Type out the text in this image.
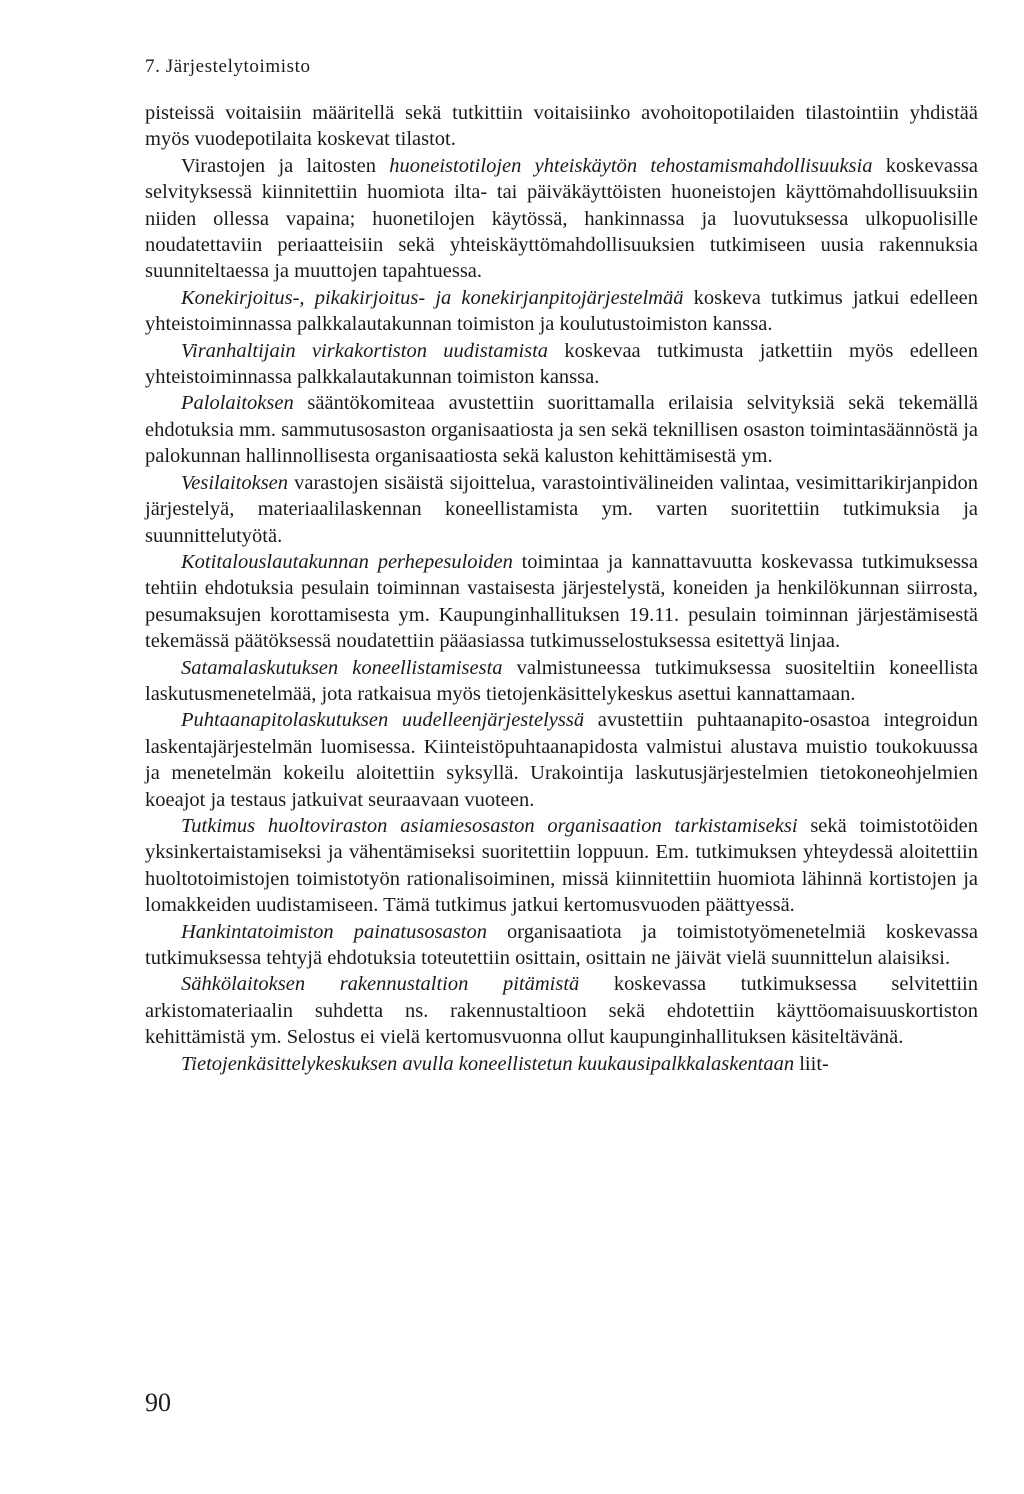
7. Järjestelytoimisto

pisteissä voitaisiin määritellä sekä tutkittiin voitaisiinko avohoitopotilaiden tilastointiin yhdistää myös vuodepotilaita koskevat tilastot.

Virastojen ja laitosten huoneistotilojen yhteiskäytön tehostamismahdollisuuksia koskevassa selvityksessä kiinnitettiin huomiota ilta- tai päiväkäyttöisten huoneistojen käyttömahdollisuuksiin niiden ollessa vapaina; huonetilojen käytössä, hankinnassa ja luovutuksessa ulkopuolisille noudatettaviin periaatteisiin sekä yhteiskäyttömahdollisuuksien tutkimiseen uusia rakennuksia suunniteltaessa ja muuttojen tapahtuessa.

Konekirjoitus-, pikakirjoitus- ja konekirjanpitojärjestelmää koskeva tutkimus jatkui edelleen yhteistoiminnassa palkkalautakunnan toimiston ja koulutustoimiston kanssa.

Viranhaltijain virkakortiston uudistamista koskevaa tutkimusta jatkettiin myös edelleen yhteistoiminnassa palkkalautakunnan toimiston kanssa.

Palolaitoksen sääntökomiteaa avustettiin suorittamalla erilaisia selvityksiä sekä tekemällä ehdotuksia mm. sammutusosaston organisaatiosta ja sen sekä teknillisen osaston toimintasäännöstä ja palokunnan hallinnollisesta organisaatiosta sekä kaluston kehittämisestä ym.

Vesilaitoksen varastojen sisäistä sijoittelua, varastointivälineiden valintaa, vesimittarikirjanpidon järjestelyä, materiaalilaskennan koneellistamista ym. varten suoritettiin tutkimuksia ja suunnittelutyötä.

Kotitalouslautakunnan perhepesuloiden toimintaa ja kannattavuutta koskevassa tutkimuksessa tehtiin ehdotuksia pesulain toiminnan vastaisesta järjestelystä, koneiden ja henkilökunnan siirrosta, pesumaksujen korottamisesta ym. Kaupunginhallituksen 19.11. pesulain toiminnan järjestämisestä tekemässä päätöksessä noudatettiin pääasiassa tutkimusselostuksessa esitettyä linjaa.

Satamalaskutuksen koneellistamisesta valmistuneessa tutkimuksessa suositeltiin koneellista laskutusmenetelmää, jota ratkaisua myös tietojenkäsittelykeskus asettui kannattamaan.

Puhtaanapitolaskutuksen uudelleenjärjestelyssä avustettiin puhtaanapito-osastoa integroidun laskentajärjestelmän luomisessa. Kiinteistöpuhtaanapidosta valmistui alustava muistio toukokuussa ja menetelmän kokeilu aloitettiin syksyllä. Urakointija laskutusjärjestelmien tietokoneohjelmien koeajot ja testaus jatkuivat seuraavaan vuoteen.

Tutkimus huoltoviraston asiamiesosaston organisaation tarkistamiseksi sekä toimistotöiden yksinkertaistamiseksi ja vähentämiseksi suoritettiin loppuun. Em. tutkimuksen yhteydessä aloitettiin huoltotoimistojen toimistotyön rationalisoiminen, missä kiinnitettiin huomiota lähinnä kortistojen ja lomakkeiden uudistamiseen. Tämä tutkimus jatkui kertomusvuoden päättyessä.

Hankintatoimiston painatusosaston organisaatiota ja toimistotyömenetelmiä koskevassa tutkimuksessa tehtyjä ehdotuksia toteutettiin osittain, osittain ne jäivät vielä suunnittelun alaisiksi.

Sähkölaitoksen rakennustaltion pitämistä koskevassa tutkimuksessa selvitettiin arkistomateriaalin suhdetta ns. rakennustaltioon sekä ehdotettiin käyttöomaisuuskortiston kehittämistä ym. Selostus ei vielä kertomusvuonna ollut kaupunginhallituksen käsiteltävänä.

Tietojenkäsittelykeskuksen avulla koneellistetun kuukausipalkkalaskentaan liit-

90
